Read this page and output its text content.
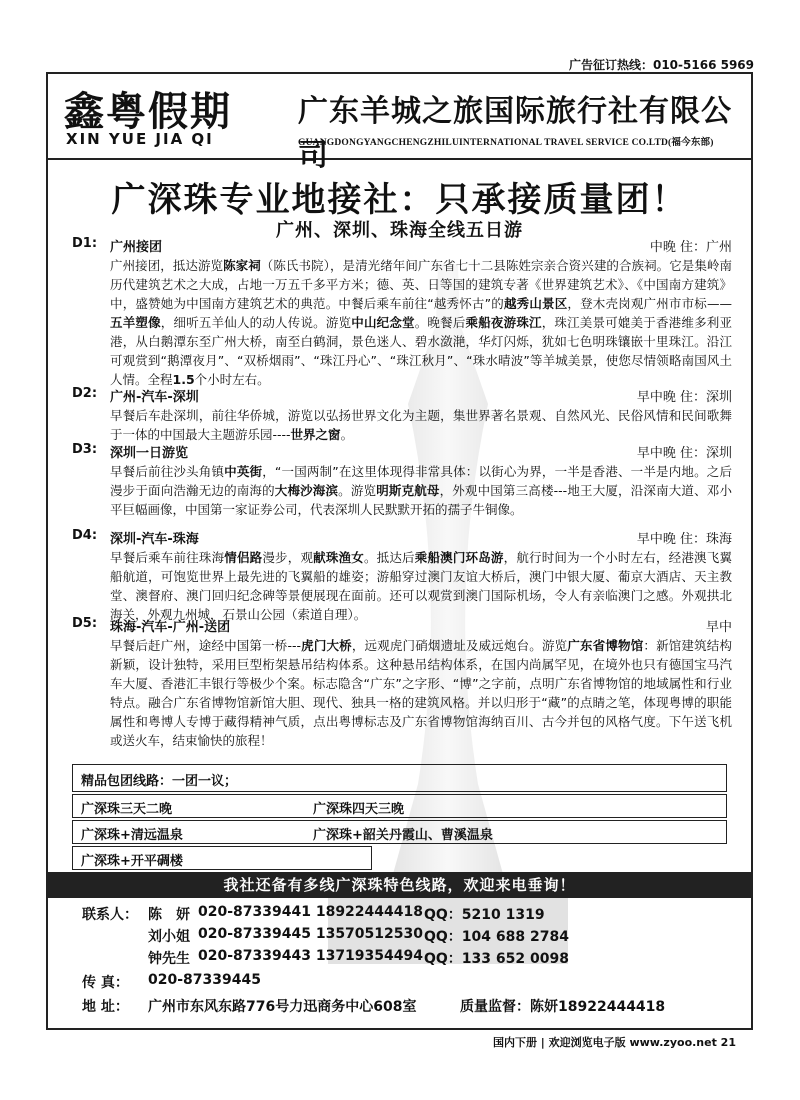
广告征订热线：010-5166 5969
鑫粤假期
XIN YUE JIA QI
广东羊城之旅国际旅行社有限公司
GUANGDONGYANGCHENGZHILUINTERNATIONAL TRAVEL SERVICE CO.LTD(福今东部)
广深珠专业地接社：只承接质量团！
广州、深圳、珠海全线五日游
D1: 广州接团	中晚 住：广州
广州接团，抵达游览陈家祠（陈氏书院），是清光绪年间广东省七十二县陈姓宗亲合资兴建的合族祠。它是集岭南历代建筑艺术之大成，占地一万五千多平方米；德、英、日等国的建筑专著《世界建筑艺术》、《中国南方建筑》中，盛赞她为中国南方建筑艺术的典范。中餐后乘车前往“越秀怀古”的越秀山景区，登木壳岗观广州市市标——五羊塑像，细听五羊仙人的动人传说。游览中山纪念堂。晚餐后乘船夜游珠江，珠江美景可媲美于香港维多利亚港，从白鹅潭东至广州大桥，南至白鹤洞，景色迷人、碧水潋滟，华灯闪烁，犹如七色明珠镶嵌十里珠江。沿江可观赏到“鹅潭夜月”、“双桥烟雨”、“珠江丹心”、“珠江秋月”、“珠水晴波”等羊城美景，使您尽情领略南国风土人情。全程1.5个小时左右。
D2: 广州-汽车-深圳	早中晚 住：深圳
早餐后车赴深圳，前往华侨城，游览以弘扬世界文化为主题，集世界著名景观、自然风光、民俗风情和民间歌舞于一体的中国最大主题游乐园----世界之窗。
D3: 深圳一日游览	早中晚 住：深圳
早餐后前往沙头角镇中英街，“一国两制”在这里体现得非常具体：以街心为界，一半是香港、一半是内地。之后漫步于面向浩瀚无边的南海的大梅沙海滨。游览明斯克航母，外观中国第三高楼---地王大厦，沿深南大道、邓小平巨幅画像，中国第一家证券公司，代表深圳人民默默开拓的孺子牛铜像。
D4: 深圳-汽车-珠海	早中晚 住：珠海
早餐后乘车前往珠海情侣路漫步，观献珠渔女。抵达后乘船澳门环岛游，航行时间为一个小时左右，经港澳飞翼船航道，可饱览世界上最先进的飞翼船的雄姿；游船穿过澳门友谊大桥后，澳门中银大厦、葡京大酒店、天主教堂、澳督府、澳门回归纪念碑等景便展现在面前。还可以观赏到澳门国际机场，令人有亲临澳门之感。外观拱北海关，外观九州城，石景山公园（索道自理）。
D5: 珠海-汽车-广州-送团	早中
早餐后赶广州，途经中国第一桥---虎门大桥，远观虎门硝烟遗址及威远炮台。游览广东省博物馆：新馆建筑结构新颖，设计独特，采用巨型桁架悬吊结构体系。这种悬吊结构体系，在国内尚属罕见，在境外也只有德国宝马汽车大厦、香港汇丰银行等极少个案。标志隐含“广东”之字形、“博”之字前，点明广东省博物馆的地域属性和行业特点。融合广东省博物馆新馆大胆、现代、独具一格的建筑风格。并以归形于“藏”的点睛之笔，体现粤博的职能属性和粤博人专博于藏得精神气质，点出粤博标志及广东省博物馆海纳百川、古今并包的风格气度。下午送飞机或送火车，结束愉快的旅程！
精品包团线路：一团一议；
广深珠三天二晚	广深珠四天三晚
广深珠+清远温泉	广深珠+韶关丹霞山、曹溪温泉
广深珠+开平碉楼
我社还备有多线广深珠特色线路，欢迎来电垂询！
联系人： 陈　妍 020-87339441 18922444418 QQ：5210 1319
刘小姐 020-87339445 13570512530 QQ：104 688 2784
钟先生 020-87339443 13719354494 QQ：133 652 0098
传 真： 020-87339445
地 址： 广州市东风东路776号力迅商务中心608室	质量监督：陈妍18922444418
国内下册 | 欢迎浏览电子版 www.zyoo.net 21
